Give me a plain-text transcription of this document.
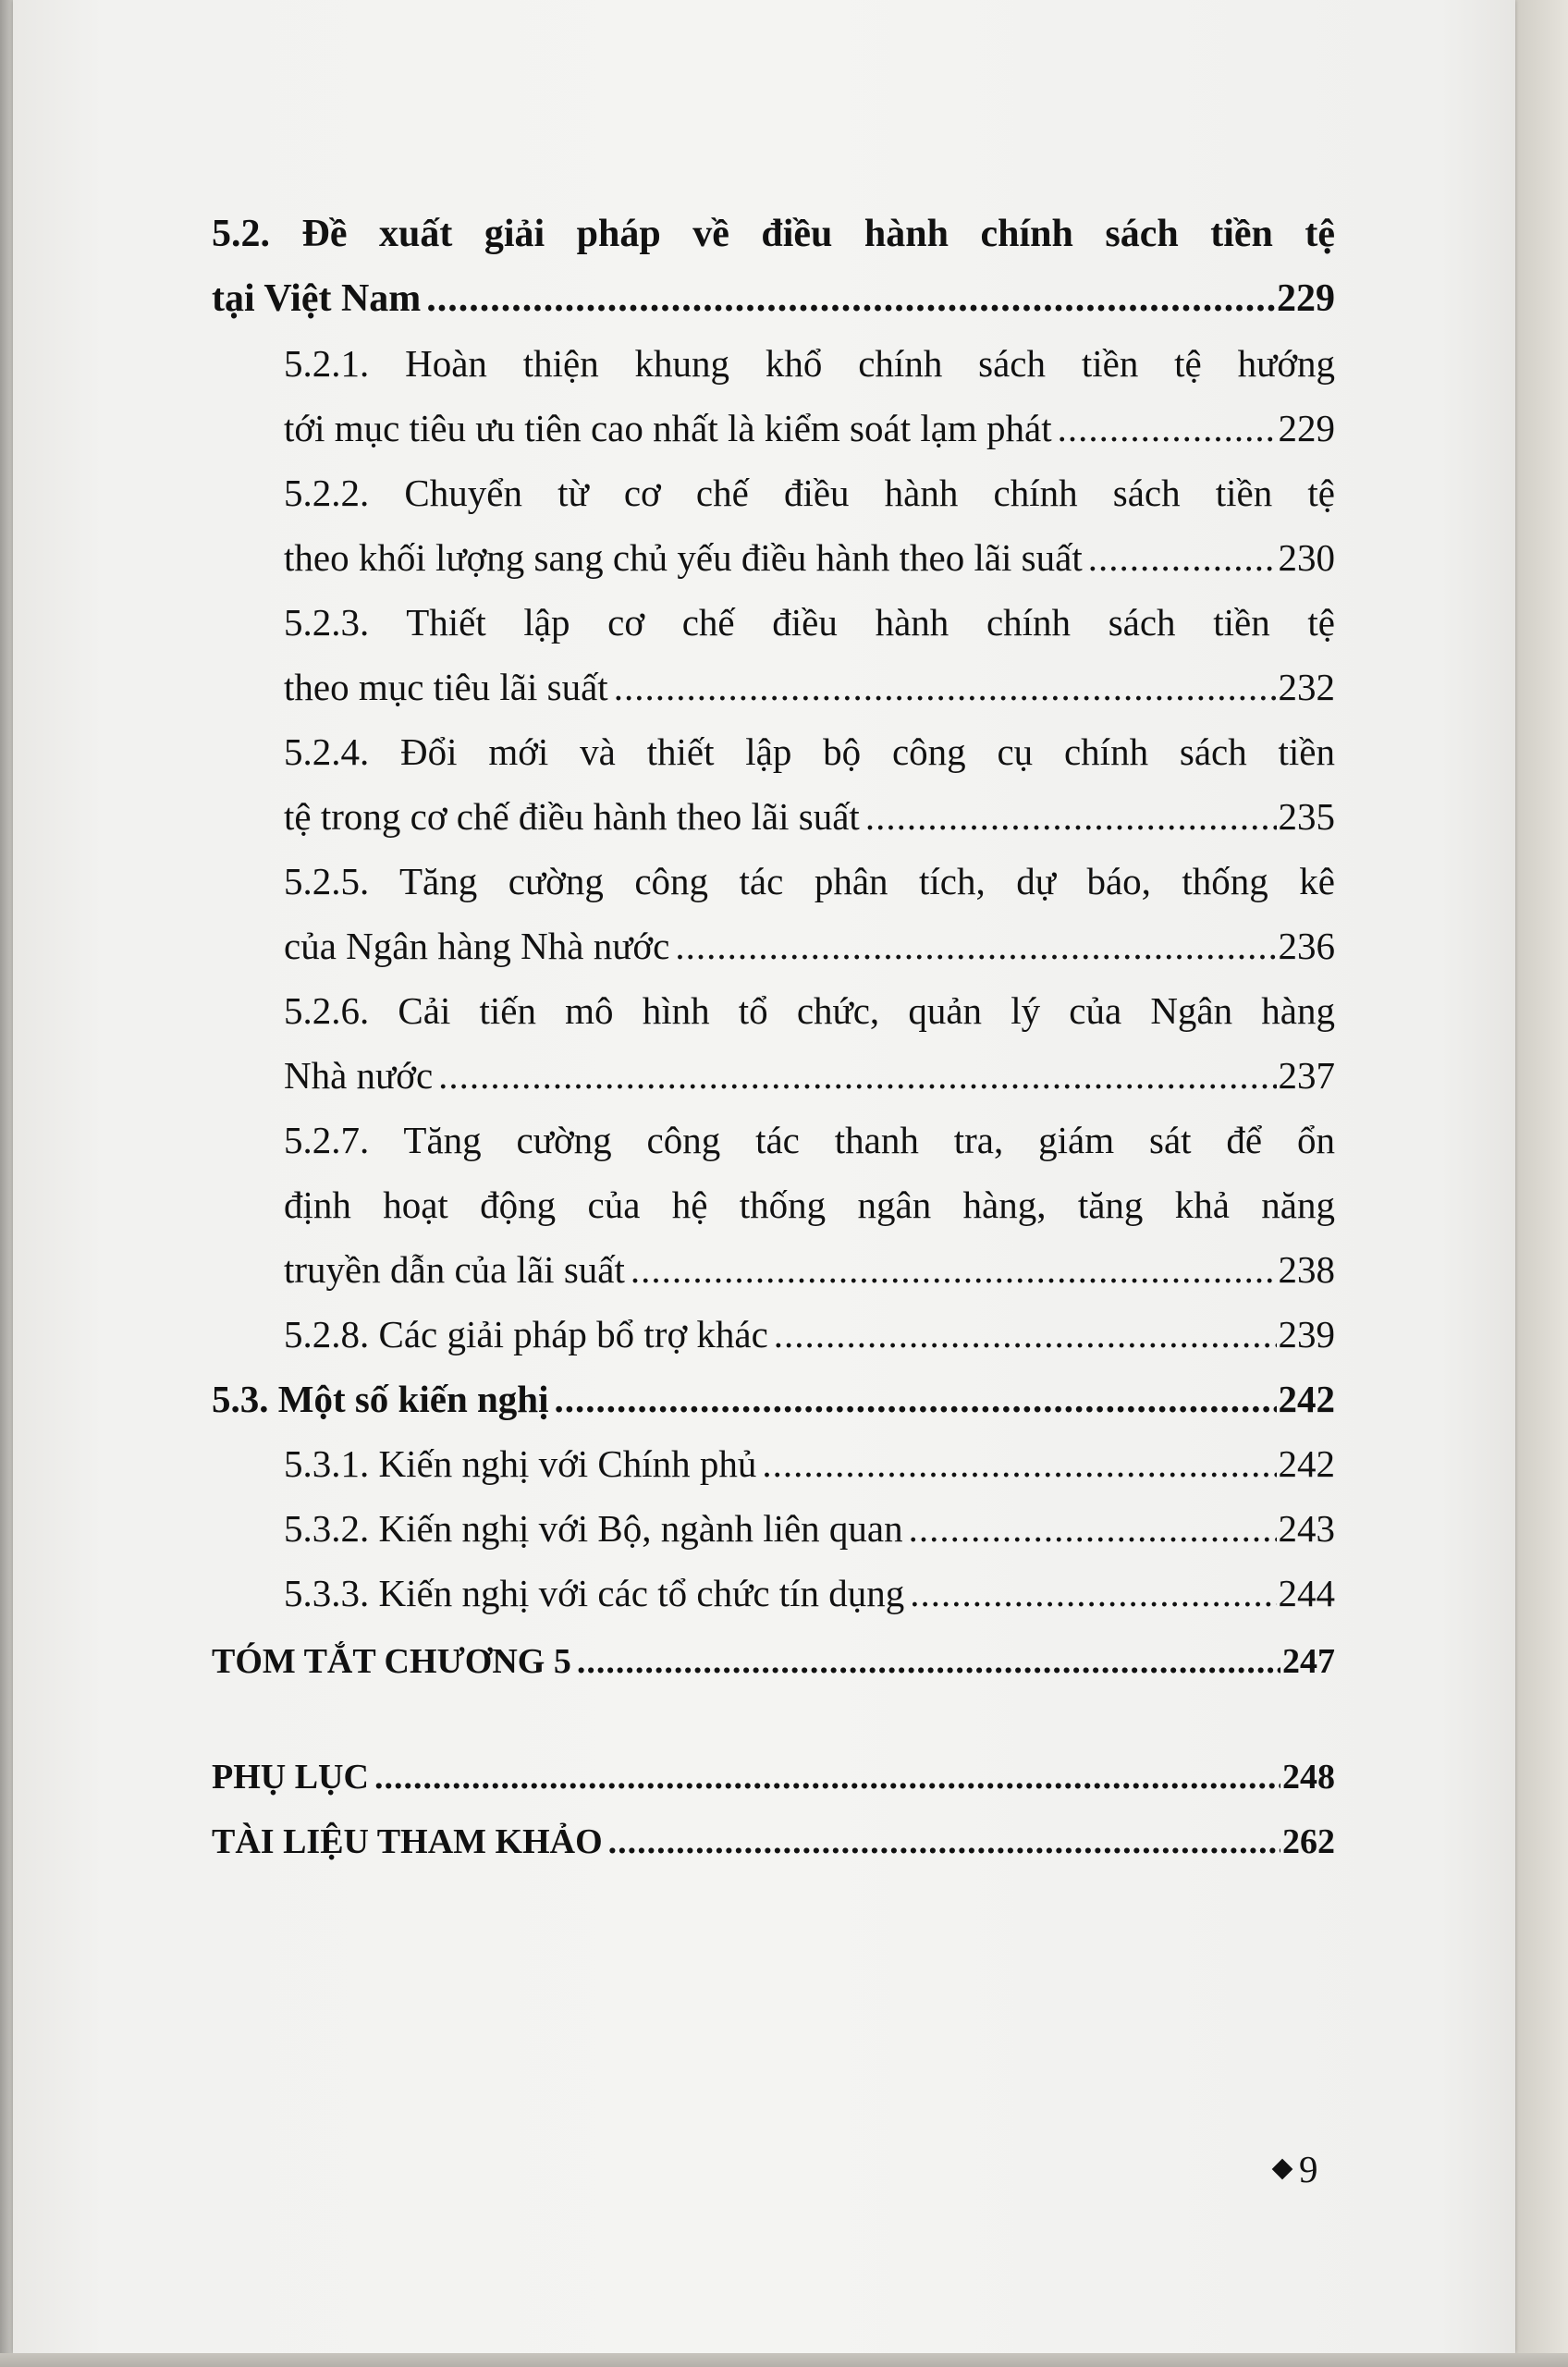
5.2. Đề xuất giải pháp về điều hành chính sách tiền tệ
tại Việt Nam .....	229
5.2.1. Hoàn thiện khung khổ chính sách tiền tệ hướng
tới mục tiêu ưu tiên cao nhất là kiểm soát lạm phát .....	229
5.2.2. Chuyển từ cơ chế điều hành chính sách tiền tệ
theo khối lượng sang chủ yếu điều hành theo lãi suất .....	230
5.2.3. Thiết lập cơ chế điều hành chính sách tiền tệ
theo mục tiêu lãi suất .....	232
5.2.4. Đổi mới và thiết lập bộ công cụ chính sách tiền
tệ trong cơ chế điều hành theo lãi suất .....	235
5.2.5. Tăng cường công tác phân tích, dự báo, thống kê
của Ngân hàng Nhà nước .....	236
5.2.6. Cải tiến mô hình tổ chức, quản lý của Ngân hàng
Nhà nước .....	237
5.2.7. Tăng cường công tác thanh tra, giám sát để ổn
định hoạt động của hệ thống ngân hàng, tăng khả năng
truyền dẫn của lãi suất .....	238
5.2.8. Các giải pháp bổ trợ khác .....	239
5.3. Một số kiến nghị .....	242
5.3.1. Kiến nghị với Chính phủ .....	242
5.3.2. Kiến nghị với Bộ, ngành liên quan .....	243
5.3.3. Kiến nghị với các tổ chức tín dụng .....	244
TÓM TẮT CHƯƠNG 5 .....	247
PHỤ LỤC .....	248
TÀI LIỆU THAM KHẢO .....	262
9
